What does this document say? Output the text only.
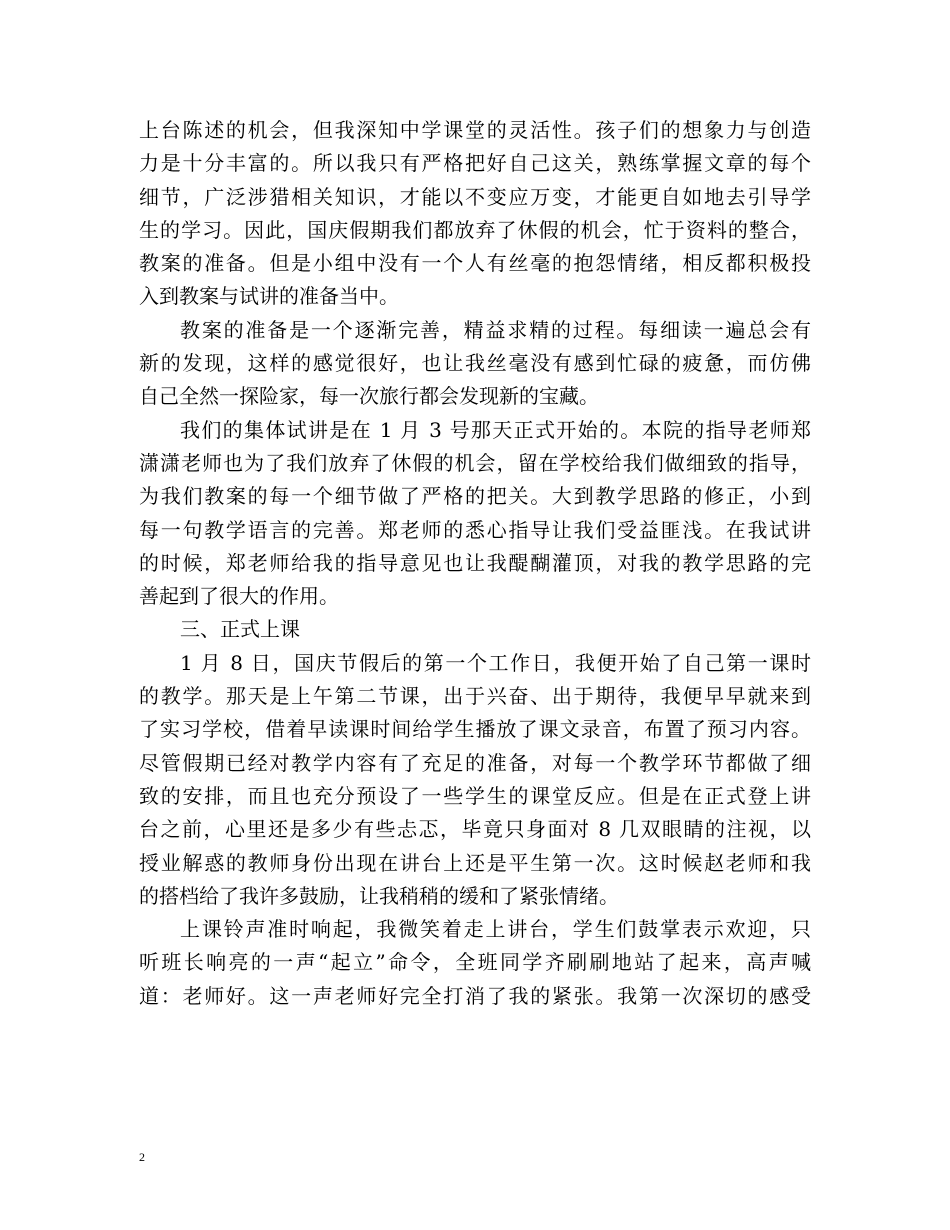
上台陈述的机会，但我深知中学课堂的灵活性。孩子们的想象力与创造
力是十分丰富的。所以我只有严格把好自己这关，熟练掌握文章的每个
细节，广泛涉猎相关知识，才能以不变应万变，才能更自如地去引导学
生的学习。因此，国庆假期我们都放弃了休假的机会，忙于资料的整合，
教案的准备。但是小组中没有一个人有丝毫的抱怨情绪，相反都积极投
入到教案与试讲的准备当中。
教案的准备是一个逐渐完善，精益求精的过程。每细读一遍总会有
新的发现，这样的感觉很好，也让我丝毫没有感到忙碌的疲惫，而仿佛
自己全然一探险家，每一次旅行都会发现新的宝藏。
我们的集体试讲是在 1 月 3 号那天正式开始的。本院的指导老师郑
潇潇老师也为了我们放弃了休假的机会，留在学校给我们做细致的指导，
为我们教案的每一个细节做了严格的把关。大到教学思路的修正，小到
每一句教学语言的完善。郑老师的悉心指导让我们受益匪浅。在我试讲
的时候，郑老师给我的指导意见也让我醍醐灌顶，对我的教学思路的完
善起到了很大的作用。
三、正式上课
1 月 8 日，国庆节假后的第一个工作日，我便开始了自己第一课时
的教学。那天是上午第二节课，出于兴奋、出于期待，我便早早就来到
了实习学校，借着早读课时间给学生播放了课文录音，布置了预习内容。
尽管假期已经对教学内容有了充足的准备，对每一个教学环节都做了细
致的安排，而且也充分预设了一些学生的课堂反应。但是在正式登上讲
台之前，心里还是多少有些忐忑，毕竟只身面对 8 几双眼睛的注视，以
授业解惑的教师身份出现在讲台上还是平生第一次。这时候赵老师和我
的搭档给了我许多鼓励，让我稍稍的缓和了紧张情绪。
上课铃声准时响起，我微笑着走上讲台，学生们鼓掌表示欢迎，只
听班长响亮的一声“起立”命令，全班同学齐刷刷地站了起来，高声喊
道：老师好。这一声老师好完全打消了我的紧张。我第一次深切的感受
2
